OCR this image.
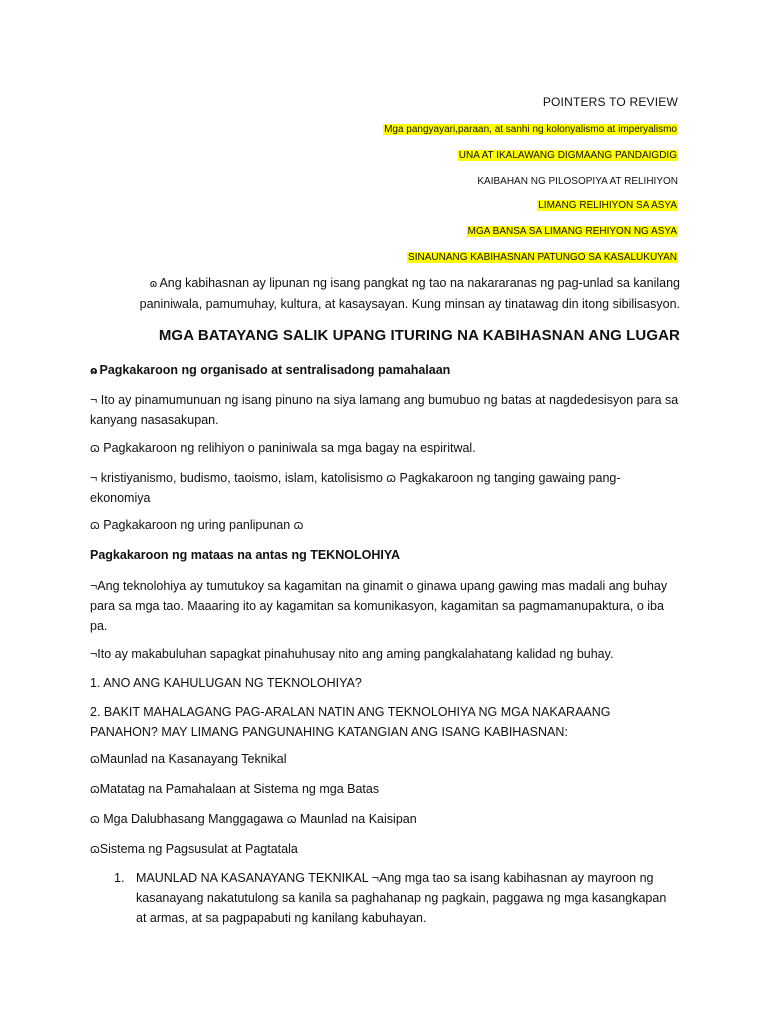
POINTERS TO REVIEW
Mga pangyayari,paraan, at sanhi ng kolonyalismo at imperyalismo
UNA AT IKALAWANG DIGMAANG PANDAIGDIG
KAIBAHAN NG PILOSOPIYA AT RELIHIYON
LIMANG RELIHIYON SA ASYA
MGA BANSA SA LIMANG REHIYON NG ASYA
SINAUNANG KABIHASNAN PATUNGO SA KASALUKUYAN
ɷ Ang kabihasnan ay lipunan ng isang pangkat ng tao na nakararanas ng pag-unlad sa kanilang paniniwala, pamumuhay, kultura, at kasaysayan. Kung minsan ay tinatawag din itong sibilisasyon.
MGA BATAYANG SALIK UPANG ITURING NA KABIHASNAN ANG LUGAR
ɷ Pagkakaroon ng organisado at sentralisadong pamahalaan
¬ Ito ay pinamumunuan ng isang pinuno na siya lamang ang bumubuo ng batas at nagdedesisyon para sa kanyang nasasakupan.
ɷ Pagkakaroon ng relihiyon o paniniwala sa mga bagay na espiritwal.
¬ kristiyanismo, budismo, taoismo, islam, katolisismo ɷ Pagkakaroon ng tanging gawaing pang-ekonomiya
ɷ Pagkakaroon ng uring panlipunan ɷ
Pagkakaroon ng mataas na antas ng TEKNOLOHIYA
¬Ang teknolohiya ay tumutukoy sa kagamitan na ginamit o ginawa upang gawing mas madali ang buhay para sa mga tao. Maaaring ito ay kagamitan sa komunikasyon, kagamitan sa pagmamanupaktura, o iba pa.
¬Ito ay makabuluhan sapagkat pinahuhusay nito ang aming pangkalahatang kalidad ng buhay.
1. ANO ANG KAHULUGAN NG TEKNOLOHIYA?
2. BAKIT MAHALAGANG PAG-ARALAN NATIN ANG TEKNOLOHIYA NG MGA NAKARAANG PANAHON? MAY LIMANG PANGUNAHING KATANGIAN ANG ISANG KABIHASNAN:
ɷMaunlad na Kasanayang Teknikal
ɷMatatag na Pamahalaan at Sistema ng mga Batas
ɷ Mga Dalubhasang Manggagawa ɷ Maunlad na Kaisipan
ɷSistema ng Pagsusulat at Pagtatala
1. MAUNLAD NA KASANAYANG TEKNIKAL ¬Ang mga tao sa isang kabihasnan ay mayroon ng kasanayang nakatutulong sa kanila sa paghahanap ng pagkain, paggawa ng mga kasangkapan at armas, at sa pagpapabuti ng kanilang kabuhayan.
